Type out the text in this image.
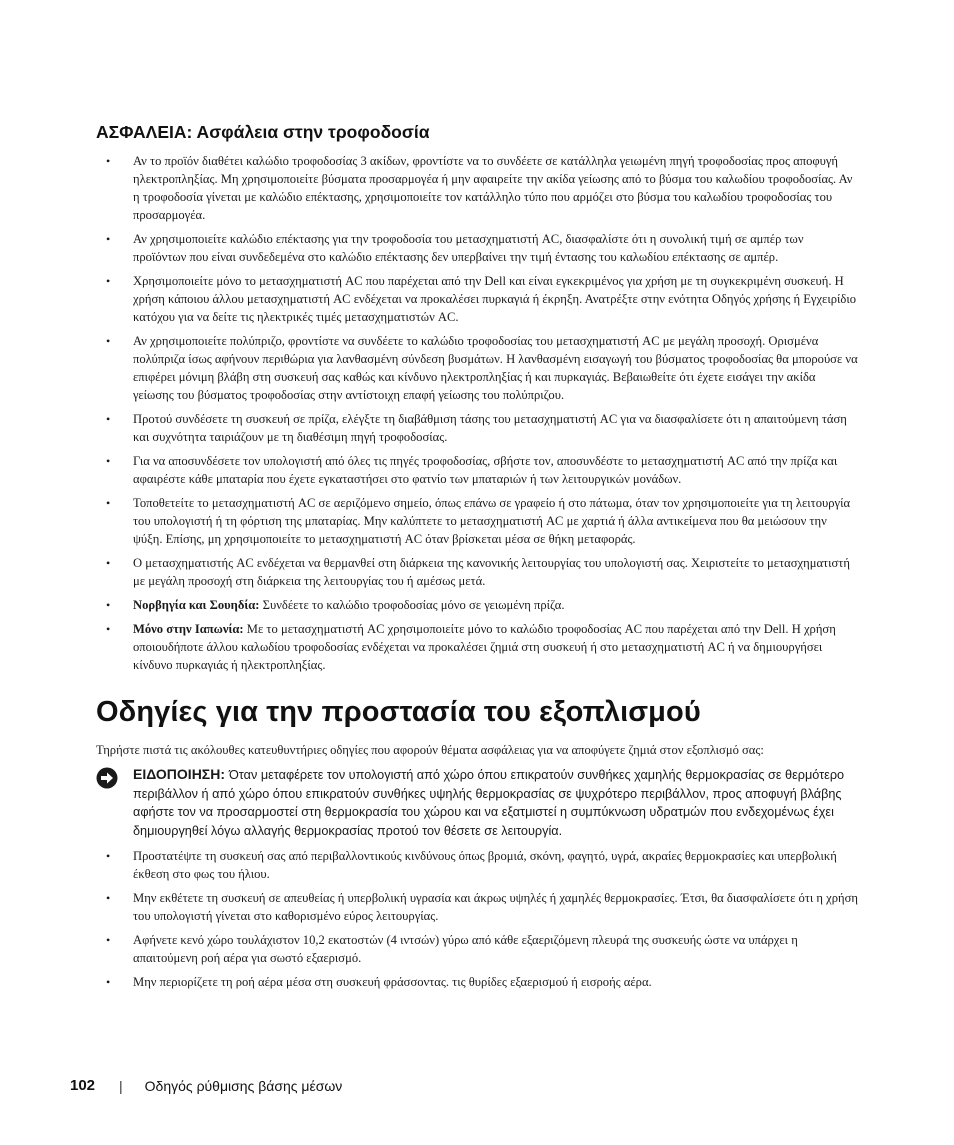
ΑΣΦΑΛΕΙΑ: Ασφάλεια στην τροφοδοσία
• Αν το προϊόν διαθέτει καλώδιο τροφοδοσίας 3 ακίδων, φροντίστε να το συνδέετε σε κατάλληλα γειωμένη πηγή τροφοδοσίας προς αποφυγή ηλεκτροπληξίας. Μη χρησιμοποιείτε βύσματα προσαρμογέα ή μην αφαιρείτε την ακίδα γείωσης από το βύσμα του καλωδίου τροφοδοσίας. Αν η τροφοδοσία γίνεται με καλώδιο επέκτασης, χρησιμοποιείτε τον κατάλληλο τύπο που αρμόζει στο βύσμα του καλωδίου τροφοδοσίας του προσαρμογέα.
• Αν χρησιμοποιείτε καλώδιο επέκτασης για την τροφοδοσία του μετασχηματιστή AC, διασφαλίστε ότι η συνολική τιμή σε αμπέρ των προϊόντων που είναι συνδεδεμένα στο καλώδιο επέκτασης δεν υπερβαίνει την τιμή έντασης του καλωδίου επέκτασης σε αμπέρ.
• Χρησιμοποιείτε μόνο το μετασχηματιστή AC που παρέχεται από την Dell και είναι εγκεκριμένος για χρήση με τη συγκεκριμένη συσκευή. Η χρήση κάποιου άλλου μετασχηματιστή AC ενδέχεται να προκαλέσει πυρκαγιά ή έκρηξη. Ανατρέξτε στην ενότητα Οδηγός χρήσης ή Εγχειρίδιο κατόχου για να δείτε τις ηλεκτρικές τιμές μετασχηματιστών AC.
• Αν χρησιμοποιείτε πολύπριζο, φροντίστε να συνδέετε το καλώδιο τροφοδοσίας του μετασχηματιστή AC με μεγάλη προσοχή. Ορισμένα πολύπριζα ίσως αφήνουν περιθώρια για λανθασμένη σύνδεση βυσμάτων. Η λανθασμένη εισαγωγή του βύσματος τροφοδοσίας θα μπορούσε να επιφέρει μόνιμη βλάβη στη συσκευή σας καθώς και κίνδυνο ηλεκτροπληξίας ή και πυρκαγιάς. Βεβαιωθείτε ότι έχετε εισάγει την ακίδα γείωσης του βύσματος τροφοδοσίας στην αντίστοιχη επαφή γείωσης του πολύπριζου.
• Προτού συνδέσετε τη συσκευή σε πρίζα, ελέγξτε τη διαβάθμιση τάσης του μετασχηματιστή AC για να διασφαλίσετε ότι η απαιτούμενη τάση και συχνότητα ταιριάζουν με τη διαθέσιμη πηγή τροφοδοσίας.
• Για να αποσυνδέσετε τον υπολογιστή από όλες τις πηγές τροφοδοσίας, σβήστε τον, αποσυνδέστε το μετασχηματιστή AC από την πρίζα και αφαιρέστε κάθε μπαταρία που έχετε εγκαταστήσει στο φατνίο των μπαταριών ή των λειτουργικών μονάδων.
• Τοποθετείτε το μετασχηματιστή AC σε αεριζόμενο σημείο, όπως επάνω σε γραφείο ή στο πάτωμα, όταν τον χρησιμοποιείτε για τη λειτουργία του υπολογιστή ή τη φόρτιση της μπαταρίας. Μην καλύπτετε το μετασχηματιστή AC με χαρτιά ή άλλα αντικείμενα που θα μειώσουν την ψύξη. Επίσης, μη χρησιμοποιείτε το μετασχηματιστή AC όταν βρίσκεται μέσα σε θήκη μεταφοράς.
• Ο μετασχηματιστής AC ενδέχεται να θερμανθεί στη διάρκεια της κανονικής λειτουργίας του υπολογιστή σας. Χειριστείτε το μετασχηματιστή με μεγάλη προσοχή στη διάρκεια της λειτουργίας του ή αμέσως μετά.
• Νορβηγία και Σουηδία: Συνδέετε το καλώδιο τροφοδοσίας μόνο σε γειωμένη πρίζα.
• Μόνο στην Ιαπωνία: Με το μετασχηματιστή AC χρησιμοποιείτε μόνο το καλώδιο τροφοδοσίας AC που παρέχεται από την Dell. Η χρήση οποιουδήποτε άλλου καλωδίου τροφοδοσίας ενδέχεται να προκαλέσει ζημιά στη συσκευή ή στο μετασχηματιστή AC ή να δημιουργήσει κίνδυνο πυρκαγιάς ή ηλεκτροπληξίας.
Οδηγίες για την προστασία του εξοπλισμού
Τηρήστε πιστά τις ακόλουθες κατευθυντήριες οδηγίες που αφορούν θέματα ασφάλειας για να αποφύγετε ζημιά στον εξοπλισμό σας:
ΕΙΔΟΠΟΙΗΣΗ: Όταν μεταφέρετε τον υπολογιστή από χώρο όπου επικρατούν συνθήκες χαμηλής θερμοκρασίας σε θερμότερο περιβάλλον ή από χώρο όπου επικρατούν συνθήκες υψηλής θερμοκρασίας σε ψυχρότερο περιβάλλον, προς αποφυγή βλάβης αφήστε τον να προσαρμοστεί στη θερμοκρασία του χώρου και να εξατμιστεί η συμπύκνωση υδρατμών που ενδεχομένως έχει δημιουργηθεί λόγω αλλαγής θερμοκρασίας προτού τον θέσετε σε λειτουργία.
• Προστατέψτε τη συσκευή σας από περιβαλλοντικούς κινδύνους όπως βρομιά, σκόνη, φαγητό, υγρά, ακραίες θερμοκρασίες και υπερβολική έκθεση στο φως του ήλιου.
• Μην εκθέτετε τη συσκευή σε απευθείας ή υπερβολική υγρασία και άκρως υψηλές ή χαμηλές θερμοκρασίες. Έτσι, θα διασφαλίσετε ότι η χρήση του υπολογιστή γίνεται στο καθορισμένο εύρος λειτουργίας.
• Αφήνετε κενό χώρο τουλάχιστον 10,2 εκατοστών (4 ιντσών) γύρω από κάθε εξαεριζόμενη πλευρά της συσκευής ώστε να υπάρχει η απαιτούμενη ροή αέρα για σωστό εξαερισμό.
• Μην περιορίζετε τη ροή αέρα μέσα στη συσκευή φράσσοντας. τις θυρίδες εξαερισμού ή εισροής αέρα.
102 | Οδηγός ρύθμισης βάσης μέσων
